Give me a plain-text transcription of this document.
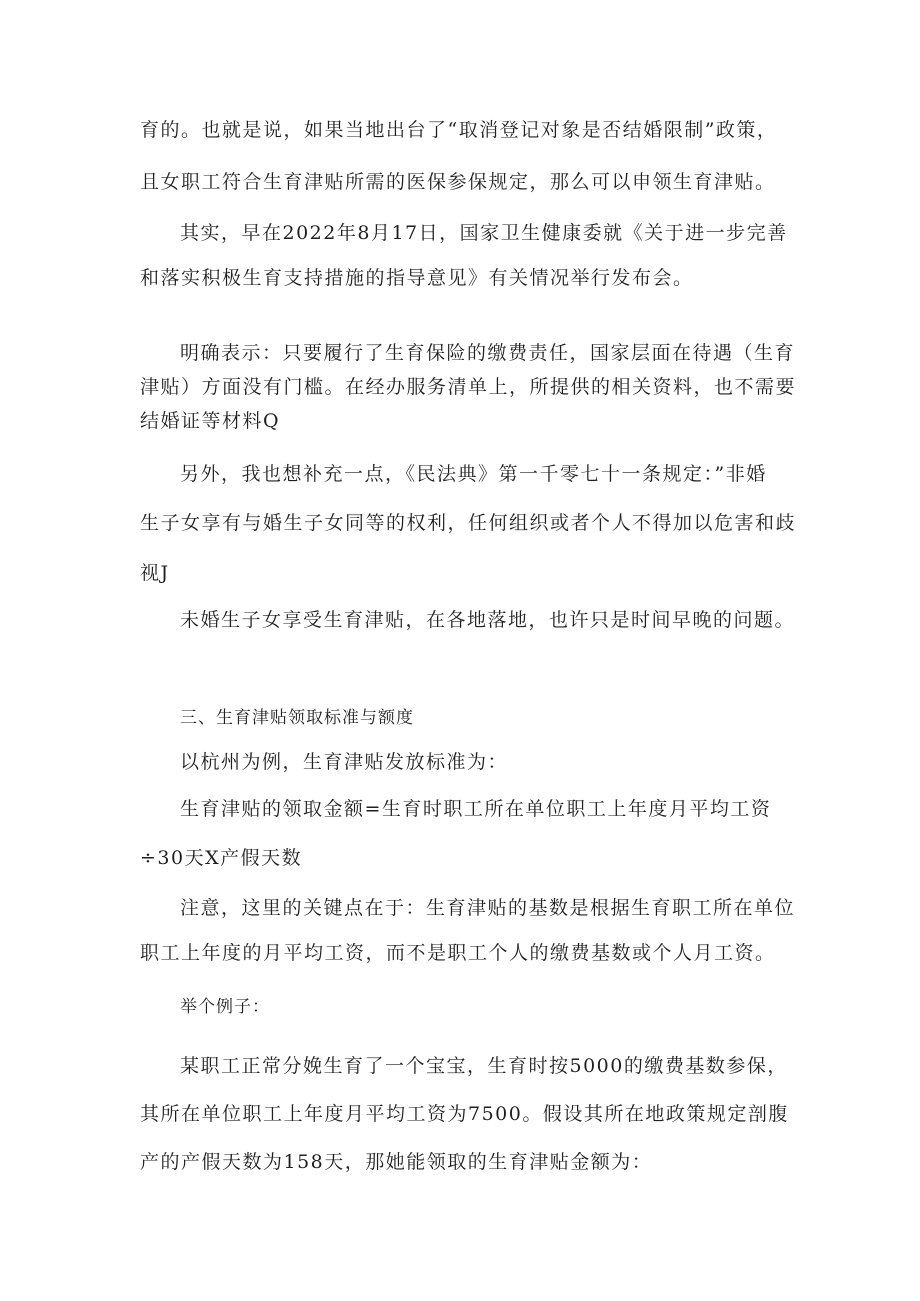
育的。也就是说，如果当地出台了“取消登记对象是否结婚限制”政策，

且女职工符合生育津贴所需的医保参保规定，那么可以申领生育津贴。

其实，早在2022年8月17日，国家卫生健康委就《关于进一步完善

和落实积极生育支持措施的指导意见》有关情况举行发布会。

明确表示：只要履行了生育保险的缴费责任，国家层面在待遇（生育

津贴）方面没有门槛。在经办服务清单上，所提供的相关资料，也不需要

结婚证等材料Q

另外，我也想补充一点，《民法典》第一千零七十一条规定：”非婚

生子女享有与婚生子女同等的权利，任何组织或者个人不得加以危害和歧

视J

未婚生子女享受生育津贴，在各地落地，也许只是时间早晚的问题。

三、生育津贴领取标准与额度

以杭州为例，生育津贴发放标准为：

生育津贴的领取金额=生育时职工所在单位职工上年度月平均工资

÷30天X产假天数

注意，这里的关键点在于：生育津贴的基数是根据生育职工所在单位

职工上年度的月平均工资，而不是职工个人的缴费基数或个人月工资。

举个例子：

某职工正常分娩生育了一个宝宝，生育时按5000的缴费基数参保，

其所在单位职工上年度月平均工资为7500。假设其所在地政策规定剖腹

产的产假天数为158天，那她能领取的生育津贴金额为：
